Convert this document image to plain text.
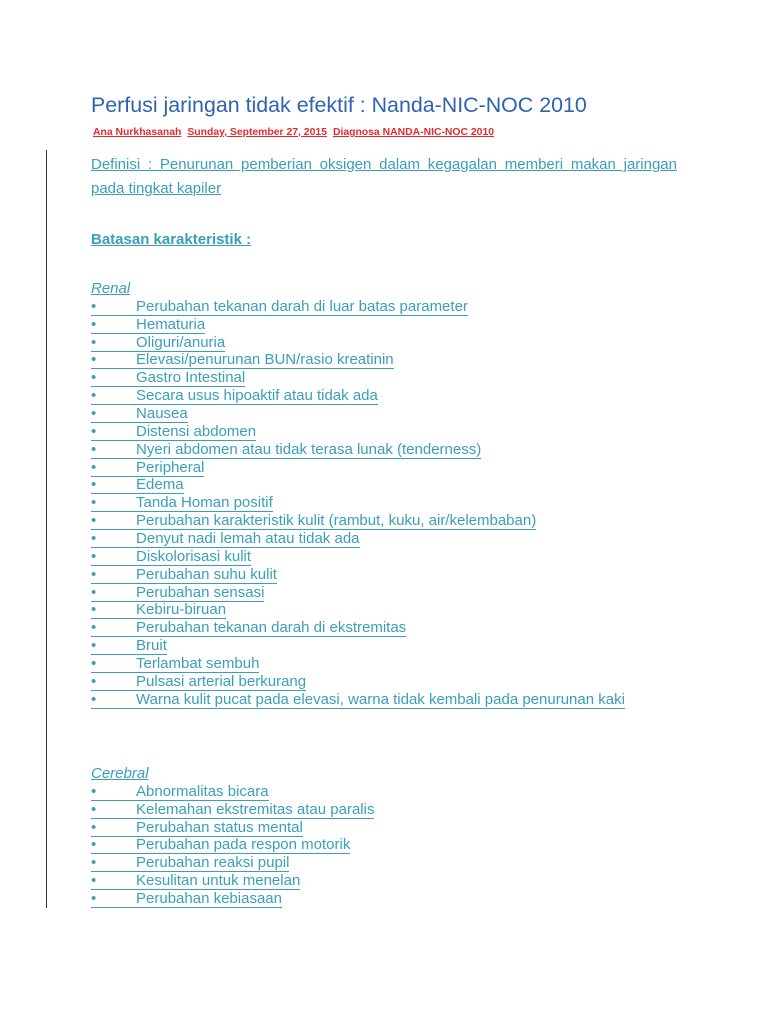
Perfusi jaringan tidak efektif : Nanda-NIC-NOC 2010
Ana Nurkhasanah Sunday, September 27, 2015 Diagnosa NANDA-NIC-NOC 2010
Definisi : Penurunan pemberian oksigen dalam kegagalan memberi makan jaringan
pada tingkat kapiler
Batasan karakteristik :
Renal
•	Perubahan tekanan darah di luar batas parameter
•	Hematuria
•	Oliguri/anuria
•	Elevasi/penurunan BUN/rasio kreatinin
•	Gastro Intestinal
•	Secara usus hipoaktif atau tidak ada
•	Nausea
•	Distensi abdomen
•	Nyeri abdomen atau tidak terasa lunak (tenderness)
•	Peripheral
•	Edema
•	Tanda Homan positif
•	Perubahan karakteristik kulit (rambut, kuku, air/kelembaban)
•	Denyut nadi lemah atau tidak ada
•	Diskolorisasi kulit
•	Perubahan suhu kulit
•	Perubahan sensasi
•	Kebiru-biruan
•	Perubahan tekanan darah di ekstremitas
•	Bruit
•	Terlambat sembuh
•	Pulsasi arterial berkurang
•	Warna kulit pucat pada elevasi, warna tidak kembali pada penurunan kaki
Cerebral
•	Abnormalitas bicara
•	Kelemahan ekstremitas atau paralis
•	Perubahan status mental
•	Perubahan pada respon motorik
•	Perubahan reaksi pupil
•	Kesulitan untuk menelan
•	Perubahan kebiasaan
